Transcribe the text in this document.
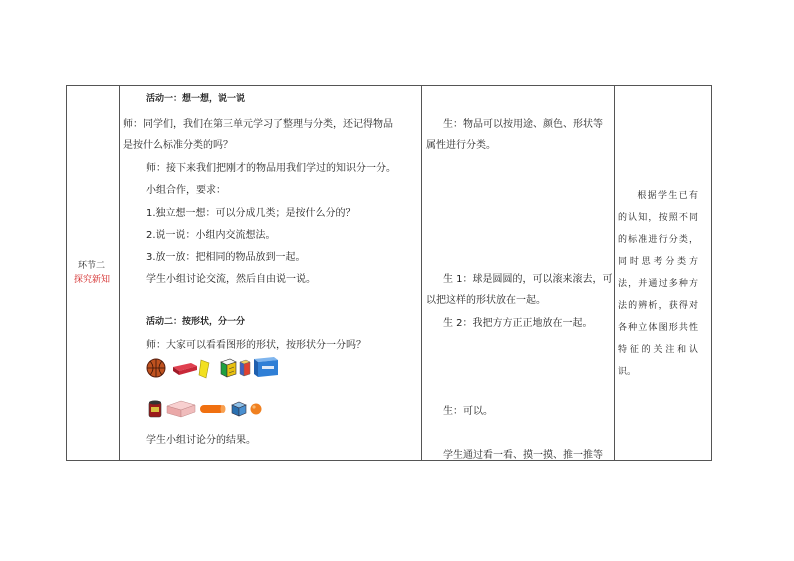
环节二
探究新知
活动一：想一想，说一说
师：同学们，我们在第三单元学习了整理与分类，还记得物品
是按什么标准分类的吗？
师：接下来我们把刚才的物品用我们学过的知识分一分。
小组合作，要求：
1.独立想一想：可以分成几类；是按什么分的？
2.说一说：小组内交流想法。
3.放一放：把相同的物品放到一起。
学生小组讨论交流，然后自由说一说。
活动二：按形状，分一分
师：大家可以看看图形的形状，按形状分一分吗？
学生小组讨论分的结果。
生：物品可以按用途、颜色、形状等
属性进行分类。
生 1：球是圆圆的，可以滚来滚去，可
以把这样的形状放在一起。
生 2：我把方方正正地放在一起。
生：可以。
学生通过看一看、摸一摸、推一推等
根据学生已有的认知，按照不同的标准进行分类，同时思考分类方法，并通过多种方法的辨析，获得对各种立体图形共性特征的关注和认识。
